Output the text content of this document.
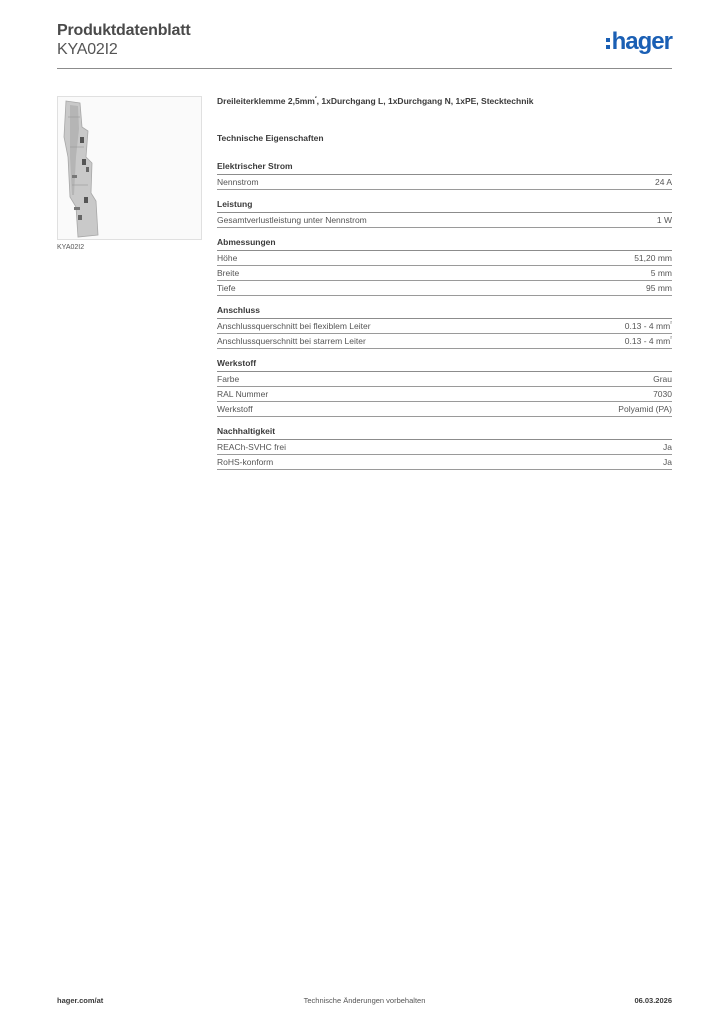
Produktdatenblatt
KYA02I2	hager
KYA02I2
Dreileiterklemme $2,5mm^{^2}$, 1xDurchgang L, 1xDurchgang N, 1xPE, Stecktechnik
Technische Eigenschaften
Elektrischer Strom
Nennstrom	24 A
Leistung
Gesamtverlustleistung unter Nennstrom	1 W
Abmessungen
Höhe	51,20 mm
Breite	5 mm
Tiefe	95 mm
Anschluss
Anschlussquerschnitt bei flexiblem Leiter	0.13 - 4 $mm^{^2}$
Anschlussquerschnitt bei starrem Leiter	0.13 - 4 $mm^{^2}$
Werkstoff
Farbe	Grau
RAL Nummer	7030
Werkstoff	Polyamid (PA)
Nachhaltigkeit
REACh-SVHC frei	Ja
RoHS-konform	Ja
hager.com/at	Technische Änderungen vorbehalten	06.03.2026
